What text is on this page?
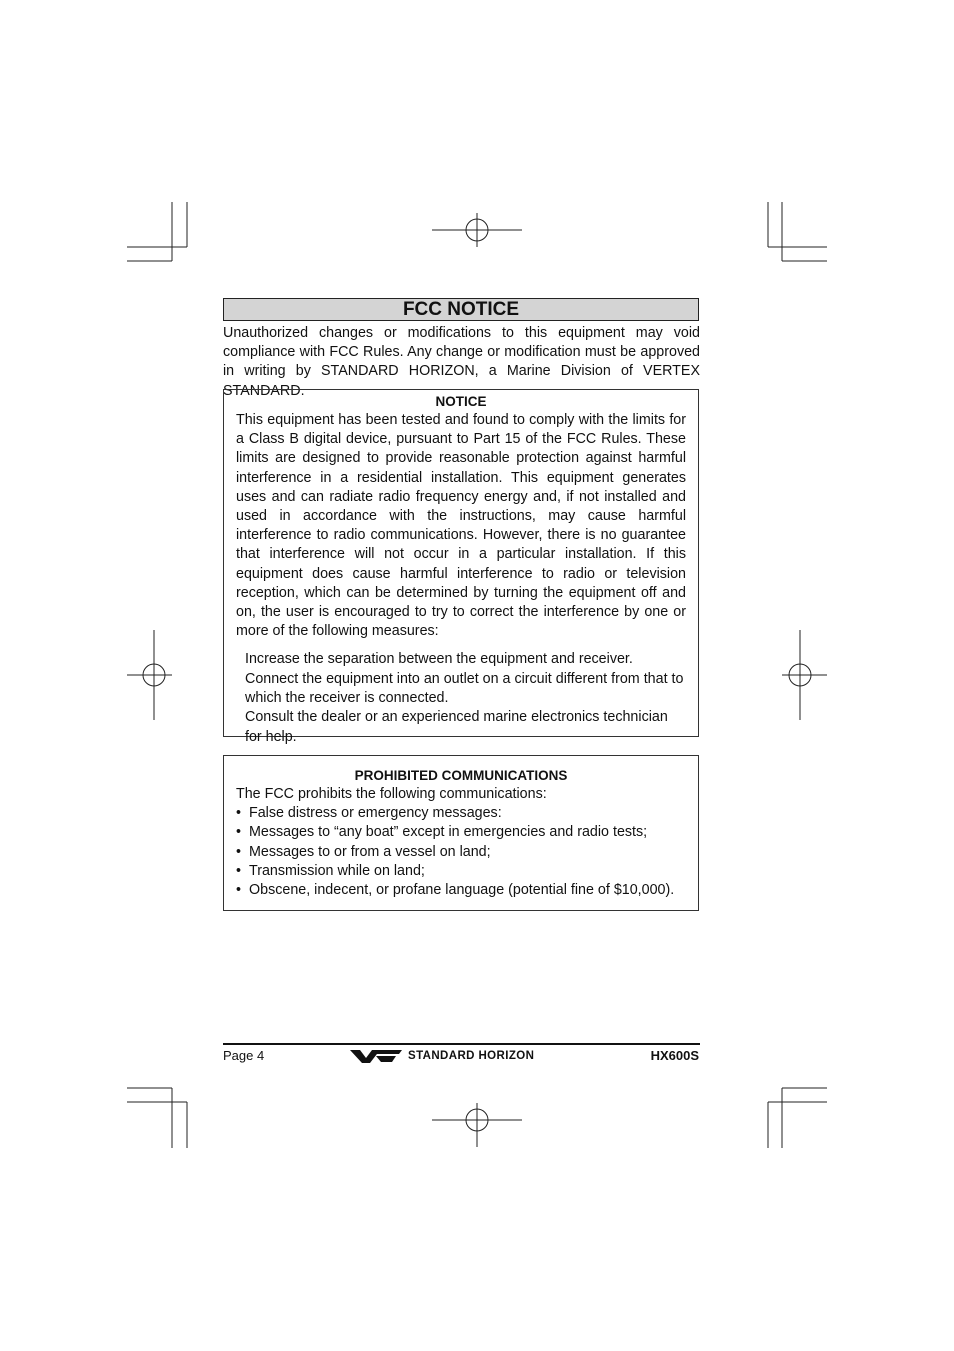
FCC NOTICE
Unauthorized changes or modifications to this equipment may void compliance with FCC Rules. Any change or modification must be approved in writing by STANDARD HORIZON, a Marine Division of VERTEX STANDARD.
NOTICE
This equipment has been tested and found to comply with the limits for a Class B digital device, pursuant to Part 15 of the FCC Rules. These limits are designed to provide reasonable protection against harmful interference in a residential installation. This equipment generates uses and can radiate radio frequency energy and, if not installed and used in accordance with the instructions, may cause harmful interference to radio communications. However, there is no guarantee that interference will not occur in a particular installation. If this equipment does cause harmful interference to radio or television reception, which can be determined by turning the equipment off and on, the user is encouraged to try to correct the interference by one or more of the following measures:
Increase the separation between the equipment and receiver.
Connect the equipment into an outlet on a circuit different from that to which the receiver is connected.
Consult the dealer or an experienced marine electronics technician for help.
PROHIBITED COMMUNICATIONS
The FCC prohibits the following communications:
• False distress or emergency messages:
• Messages to “any boat” except in emergencies and radio tests;
• Messages to or from a vessel on land;
• Transmission while on land;
• Obscene, indecent, or profane language (potential fine of $10,000).
Page 4	STANDARD HORIZON	HX600S
